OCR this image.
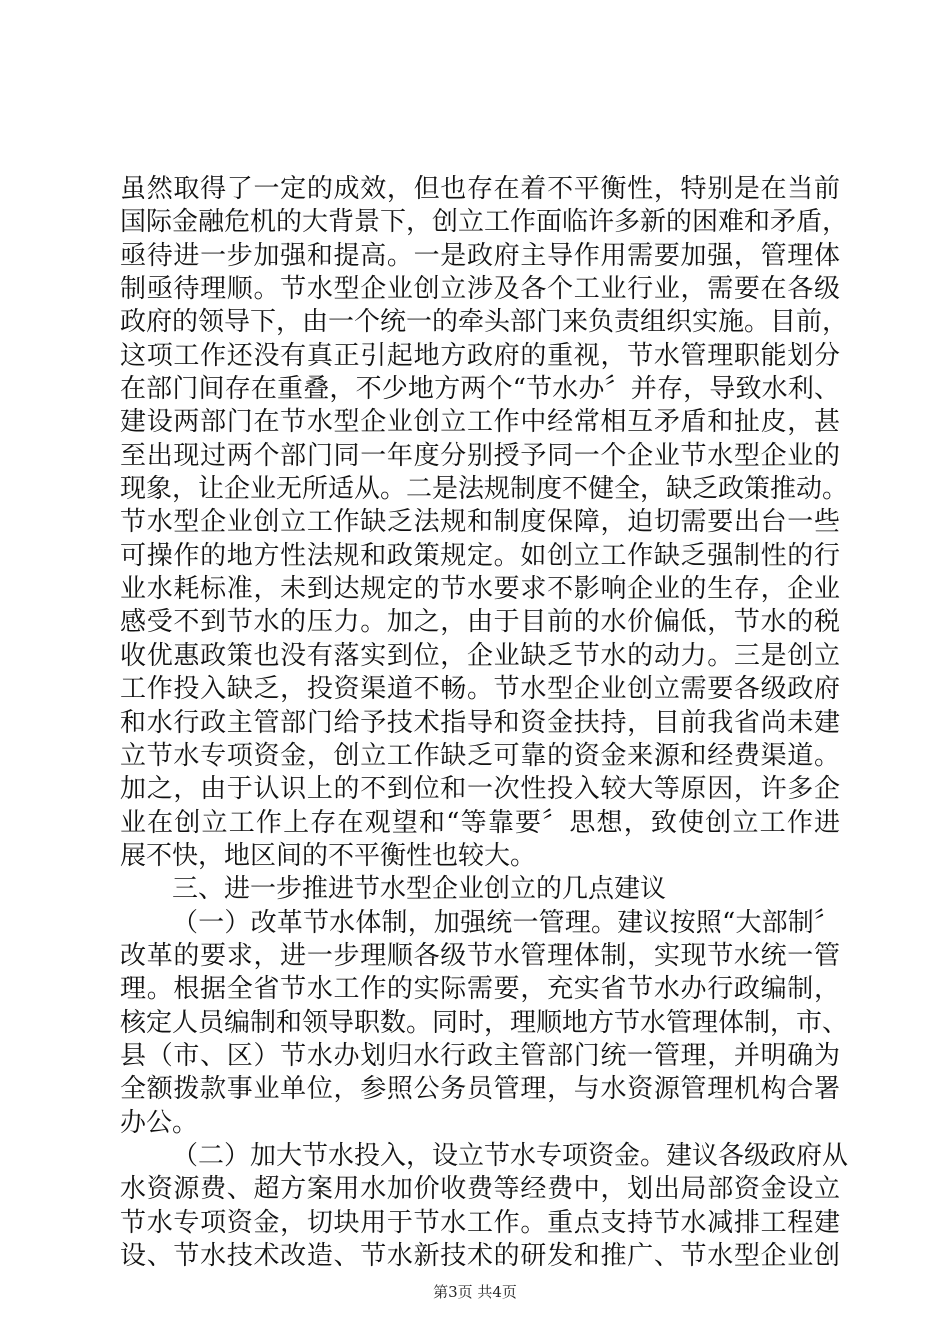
虽然取得了一定的成效，但也存在着不平衡性，特别是在当前
国际金融危机的大背景下，创立工作面临许多新的困难和矛盾，
亟待进一步加强和提高。一是政府主导作用需要加强，管理体
制亟待理顺。节水型企业创立涉及各个工业行业，需要在各级
政府的领导下，由一个统一的牵头部门来负责组织实施。目前，
这项工作还没有真正引起地方政府的重视，节水管理职能划分
在部门间存在重叠，不少地方两个“节水办〞并存，导致水利、
建设两部门在节水型企业创立工作中经常相互矛盾和扯皮，甚
至出现过两个部门同一年度分别授予同一个企业节水型企业的
现象，让企业无所适从。二是法规制度不健全，缺乏政策推动。
节水型企业创立工作缺乏法规和制度保障，迫切需要出台一些
可操作的地方性法规和政策规定。如创立工作缺乏强制性的行
业水耗标准，未到达规定的节水要求不影响企业的生存，企业
感受不到节水的压力。加之，由于目前的水价偏低，节水的税
收优惠政策也没有落实到位，企业缺乏节水的动力。三是创立
工作投入缺乏，投资渠道不畅。节水型企业创立需要各级政府
和水行政主管部门给予技术指导和资金扶持，目前我省尚未建
立节水专项资金，创立工作缺乏可靠的资金来源和经费渠道。
加之，由于认识上的不到位和一次性投入较大等原因，许多企
业在创立工作上存在观望和“等靠要〞思想，致使创立工作进
展不快，地区间的不平衡性也较大。
三、进一步推进节水型企业创立的几点建议
（一）改革节水体制，加强统一管理。建议按照“大部制〞
改革的要求，进一步理顺各级节水管理体制，实现节水统一管
理。根据全省节水工作的实际需要，充实省节水办行政编制，
核定人员编制和领导职数。同时，理顺地方节水管理体制，市、
县（市、区）节水办划归水行政主管部门统一管理，并明确为
全额拨款事业单位，参照公务员管理，与水资源管理机构合署
办公。
（二）加大节水投入，设立节水专项资金。建议各级政府从
水资源费、超方案用水加价收费等经费中，划出局部资金设立
节水专项资金，切块用于节水工作。重点支持节水减排工程建
设、节水技术改造、节水新技术的研发和推广、节水型企业创
第3页 共4页
